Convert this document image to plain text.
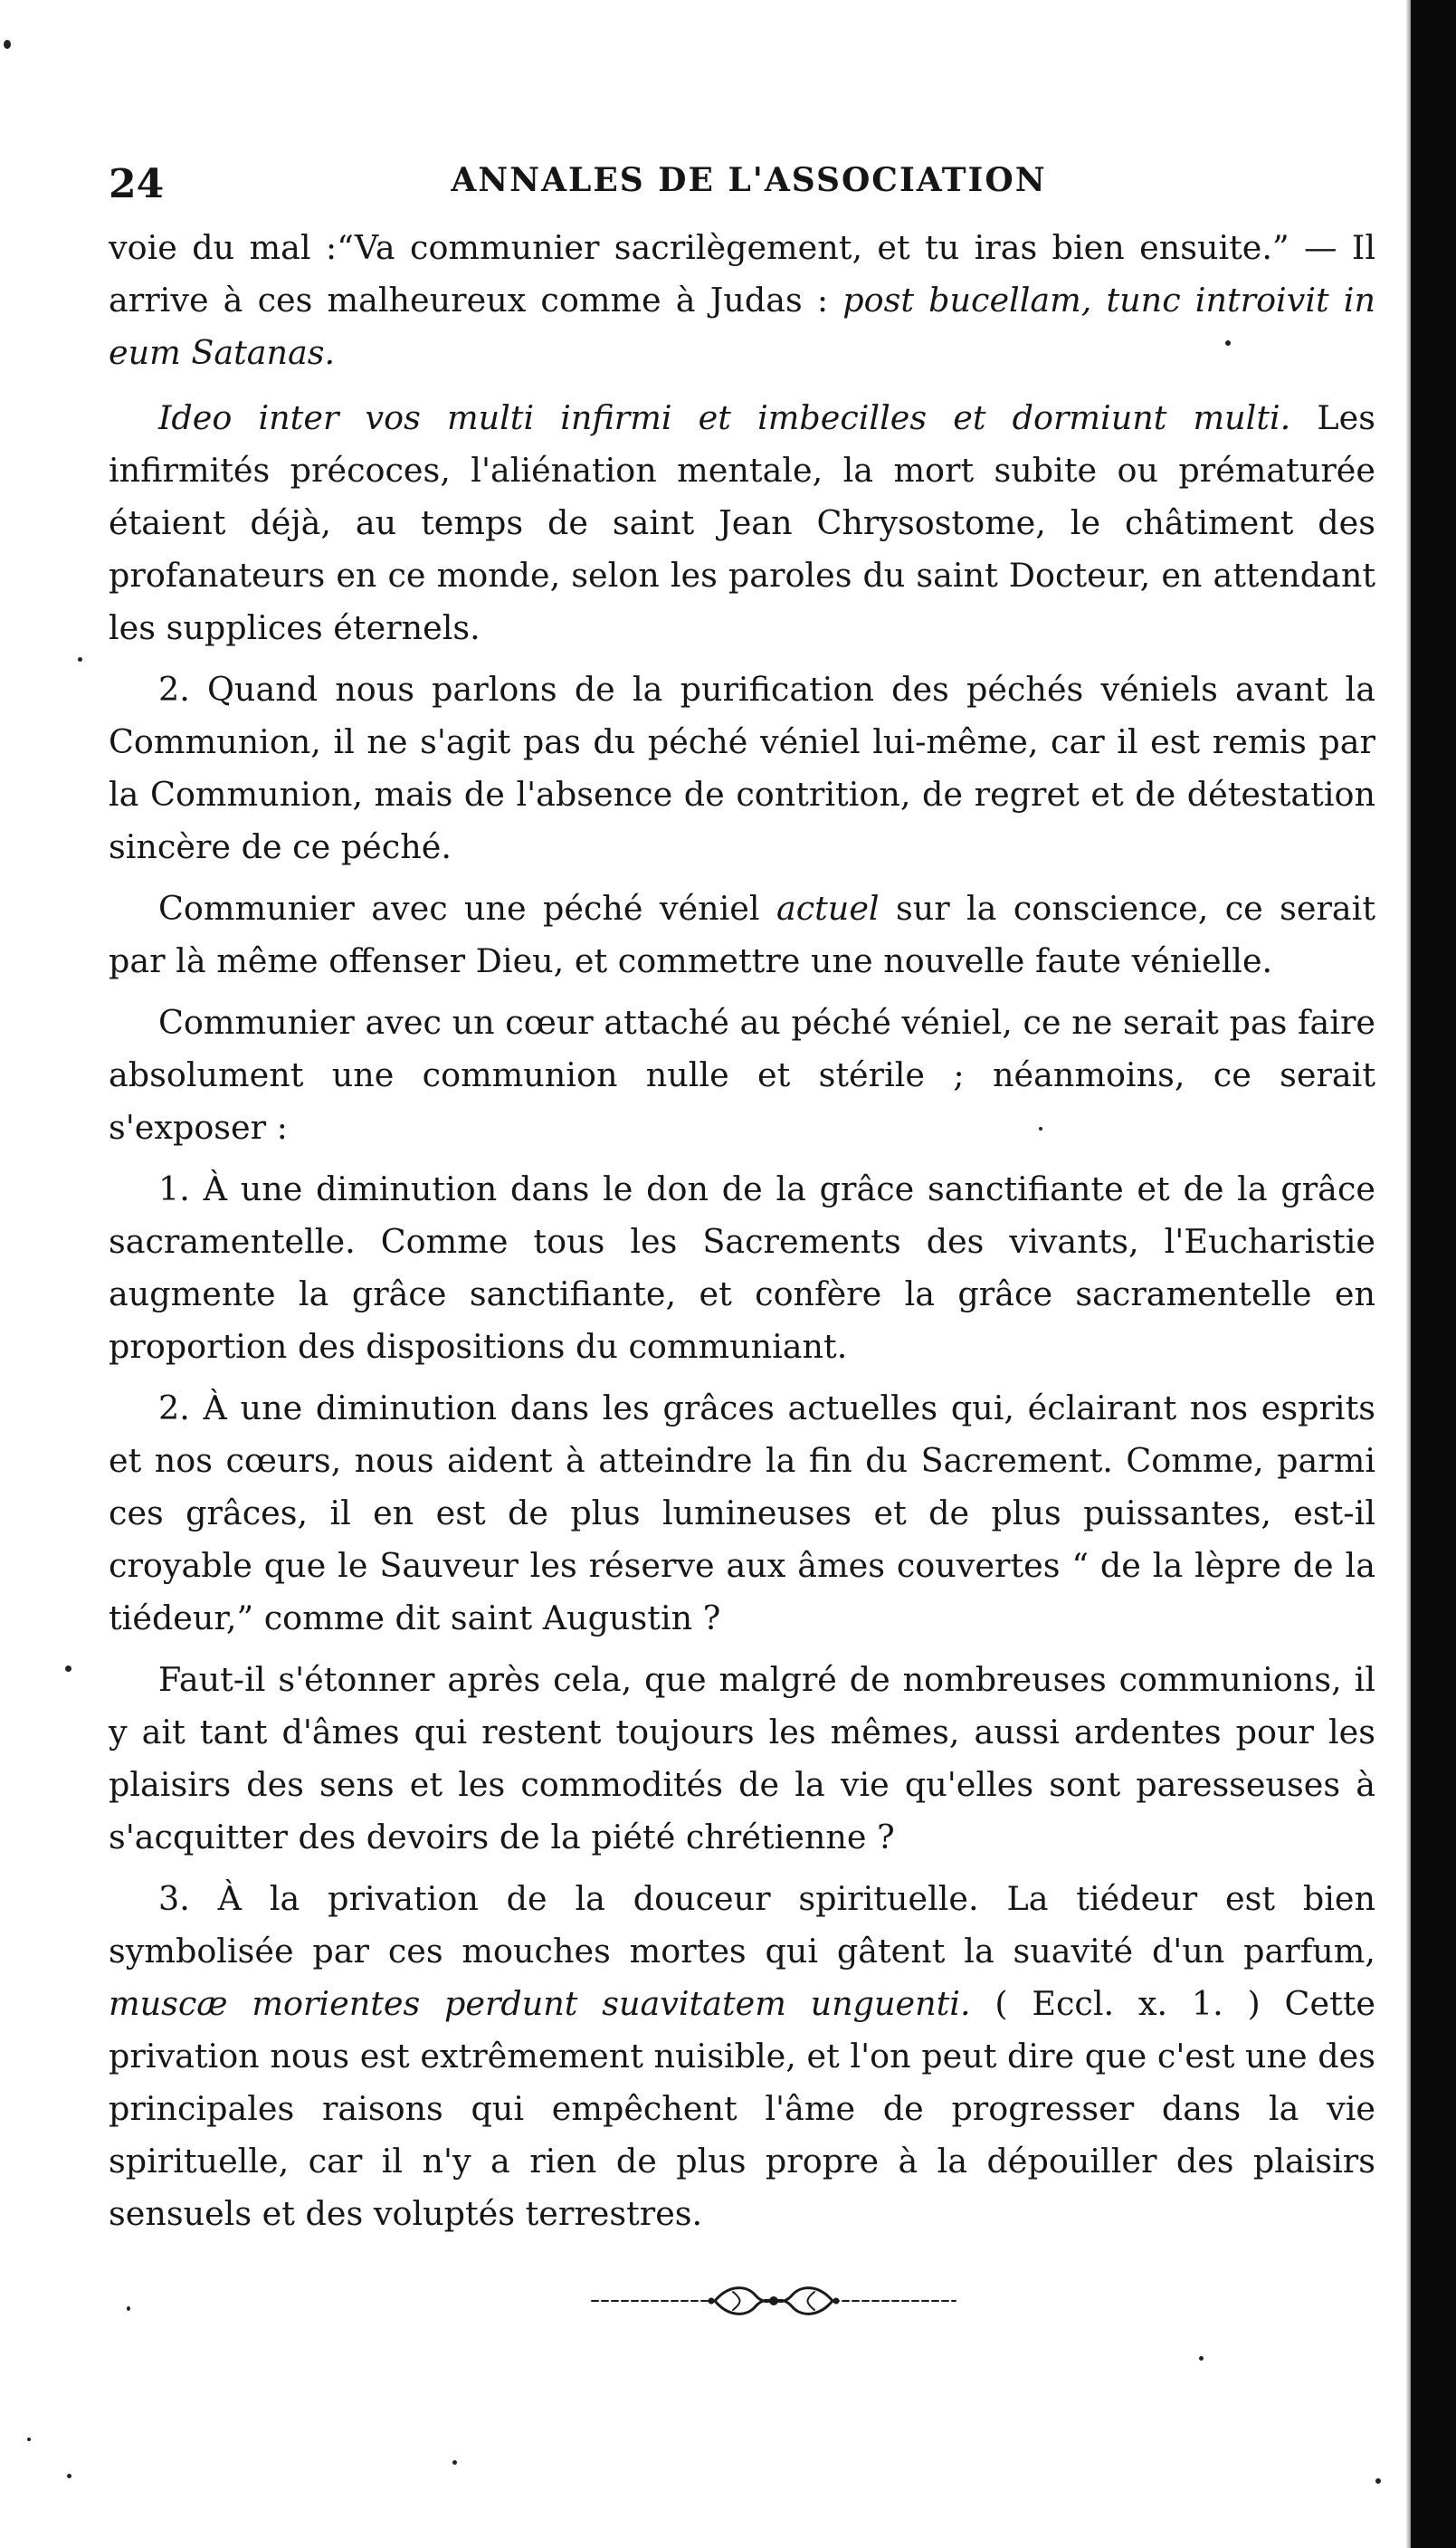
24	ANNALES DE L'ASSOCIATION

voie du mal :“Va communier sacrilègement, et tu iras bien ensuite.” — Il arrive à ces malheureux comme à Judas : post bucellam, tunc introivit in eum Satanas.

Ideo inter vos multi infirmi et imbecilles et dormiunt multi. Les infirmités précoces, l'aliénation mentale, la mort subite ou prématurée étaient déjà, au temps de saint Jean Chrysostome, le châtiment des profanateurs en ce monde, selon les paroles du saint Docteur, en attendant les supplices éternels.

2. Quand nous parlons de la purification des péchés véniels avant la Communion, il ne s'agit pas du péché véniel lui-même, car il est remis par la Communion, mais de l'absence de contrition, de regret et de détestation sincère de ce péché.

Communier avec une péché véniel actuel sur la conscience, ce serait par là même offenser Dieu, et commettre une nouvelle faute vénielle.

Communier avec un cœur attaché au péché véniel, ce ne serait pas faire absolument une communion nulle et stérile ; néanmoins, ce serait s'exposer :

1. À une diminution dans le don de la grâce sanctifiante et de la grâce sacramentelle. Comme tous les Sacrements des vivants, l'Eucharistie augmente la grâce sanctifiante, et confère la grâce sacramentelle en proportion des dispositions du communiant.

2. À une diminution dans les grâces actuelles qui, éclairant nos esprits et nos cœurs, nous aident à atteindre la fin du Sacrement. Comme, parmi ces grâces, il en est de plus lumineuses et de plus puissantes, est-il croyable que le Sauveur les réserve aux âmes couvertes “ de la lèpre de la tiédeur,” comme dit saint Augustin ?

Faut-il s'étonner après cela, que malgré de nombreuses communions, il y ait tant d'âmes qui restent toujours les mêmes, aussi ardentes pour les plaisirs des sens et les commodités de la vie qu'elles sont paresseuses à s'acquitter des devoirs de la piété chrétienne ?

3. À la privation de la douceur spirituelle. La tiédeur est bien symbolisée par ces mouches mortes qui gâtent la suavité d'un parfum, muscæ morientes perdunt suavitatem unguenti. ( Eccl. x. 1. ) Cette privation nous est extrêmement nuisible, et l'on peut dire que c'est une des principales raisons qui empêchent l'âme de progresser dans la vie spirituelle, car il n'y a rien de plus propre à la dépouiller des plaisirs sensuels et des voluptés terrestres.
